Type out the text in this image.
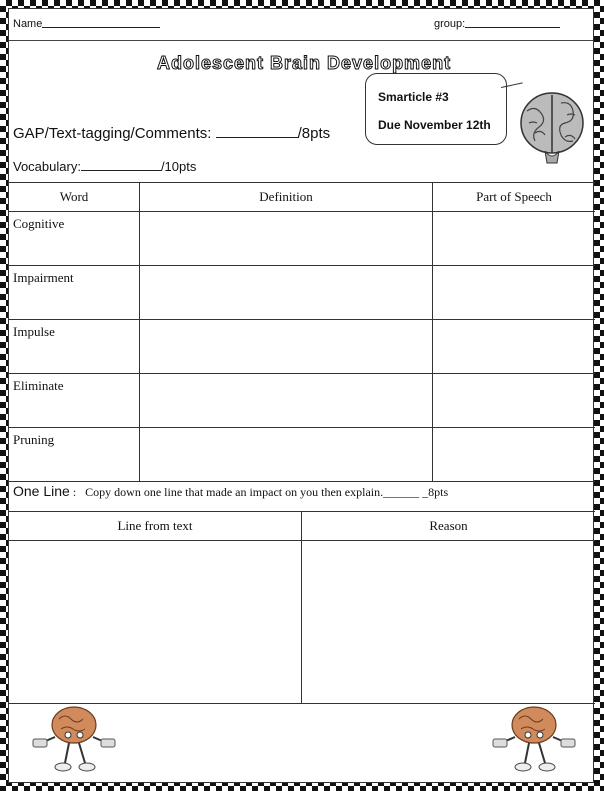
Name	group:
Adolescent Brain Development
Smarticle #3
Due November 12th
GAP/Text-tagging/Comments:	/8pts
Vocabulary:	/10pts
Word	Definition	Part of Speech
Cognitive		
Impairment		
Impulse		
Eliminate		
Pruning		
One Line : Copy down one line that made an impact on you then explain.______ _8pts
Line from text	Reason
